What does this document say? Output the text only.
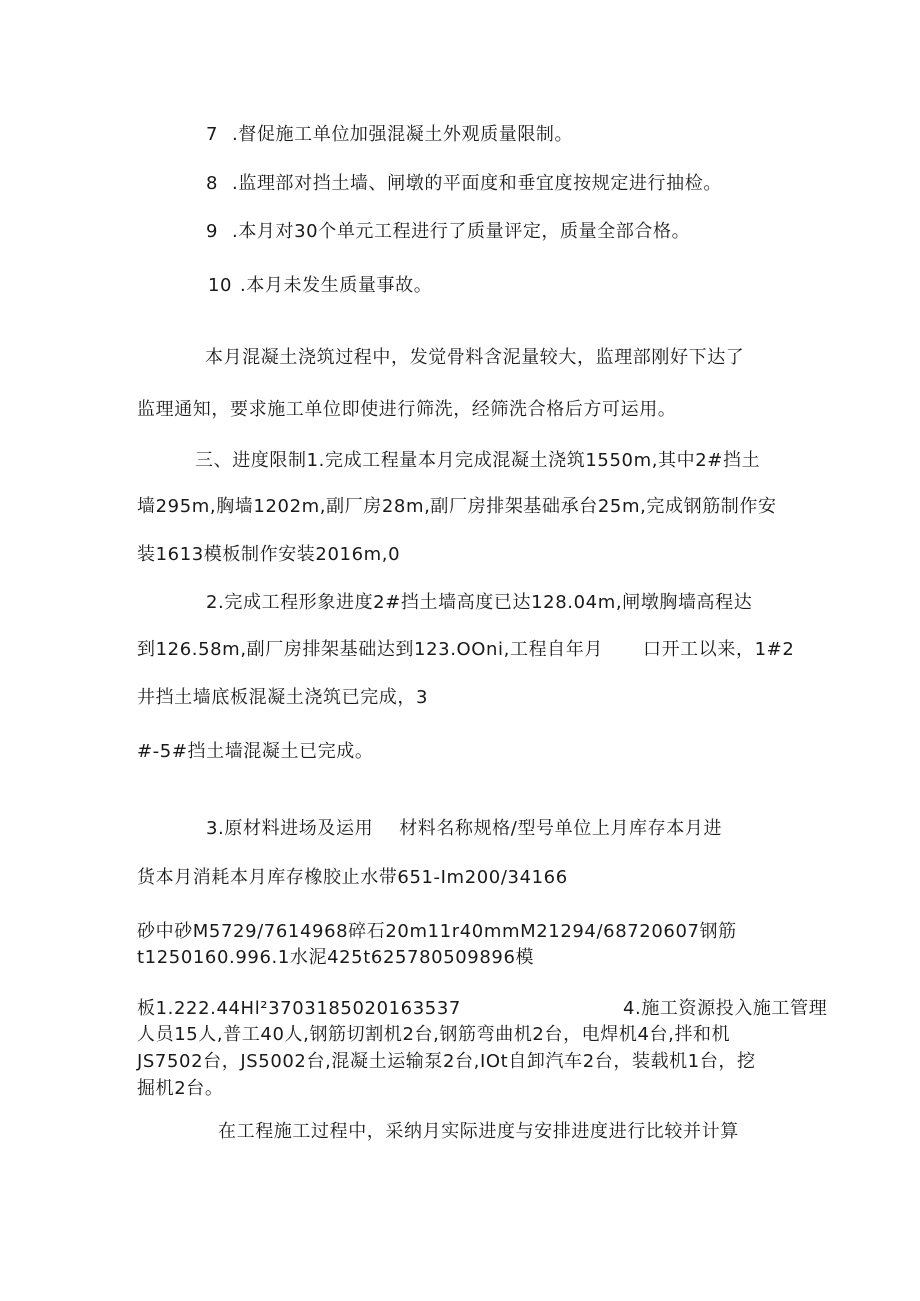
7 .督促施工单位加强混凝土外观质量限制。
8 .监理部对挡土墙、闸墩的平面度和垂宜度按规定进行抽检。
9 .本月对30个单元工程进行了质量评定，质量全部合格。
10 .本月未发生质量事故。
本月混凝土浇筑过程中，发觉骨料含泥量较大，监理部刚好下达了
监理通知，要求施工单位即使进行筛洗，经筛洗合格后方可运用。
三、进度限制1.完成工程量本月完成混凝土浇筑1550m,其中2#挡土
墙295m,胸墙1202m,副厂房28m,副厂房排架基础承台25m,完成钢筋制作安
装1613模板制作安装2016m,0
2.完成工程形象进度2#挡土墙高度已达128.04m,闸墩胸墙高程达
到126.58m,副厂房排架基础达到123.OOni,工程自年月 口开工以来，1#2
井挡土墙底板混凝土浇筑已完成，3
#-5#挡土墙混凝土已完成。
3.原材料进场及运用 材料名称规格/型号单位上月库存本月进
货本月消耗本月库存橡胶止水带651-Im200/34166
砂中砂M5729/7614968碎石20m11r40mmM21294/68720607钢筋
t1250160.996.1水泥425t625780509896模
板1.222.44Hl²3703185020163537	4.施工资源投入施工管理
人员15人,普工40人,钢筋切割机2台,钢筋弯曲机2台，电焊机4台,拌和机
JS7502台，JS5002台,混凝土运输泵2台,IOt自卸汽车2台，装载机1台，挖
掘机2台。
在工程施工过程中，采纳月实际进度与安排进度进行比较并计算
